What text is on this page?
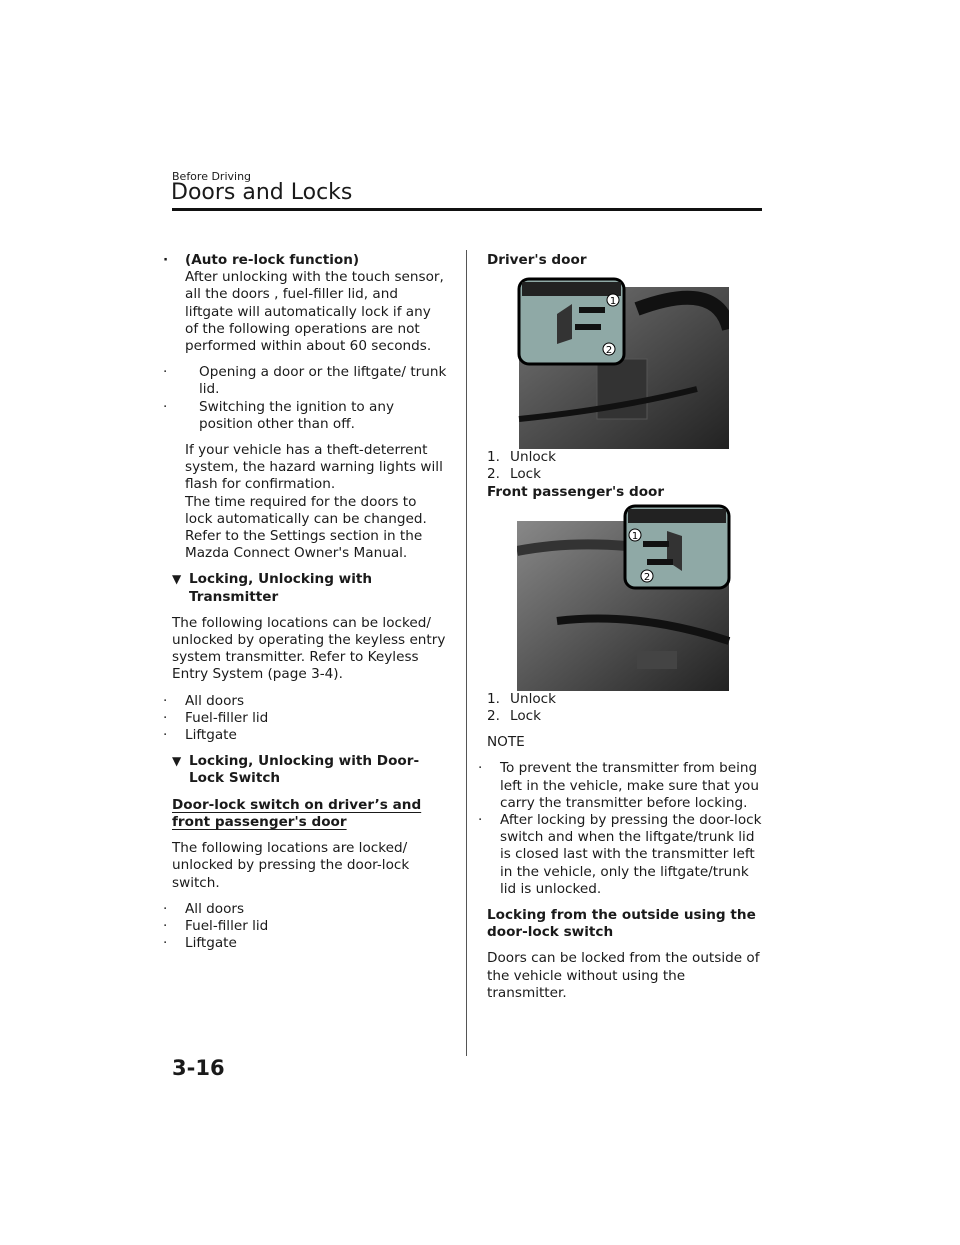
Before Driving
Doors and Locks
· (Auto re-lock function)
After unlocking with the touch sensor, all the doors , fuel-filler lid, and liftgate will automatically lock if any of the following operations are not performed within about 60 seconds.
· Opening a door or the liftgate/ trunk lid.
· Switching the ignition to any position other than off.
If your vehicle has a theft-deterrent system, the hazard warning lights will flash for confirmation.
The time required for the doors to lock automatically can be changed. Refer to the Settings section in the Mazda Connect Owner's Manual.
▼ Locking, Unlocking with Transmitter
The following locations can be locked/ unlocked by operating the keyless entry system transmitter. Refer to Keyless Entry System (page 3-4).
· All doors
· Fuel-filler lid
· Liftgate
▼ Locking, Unlocking with Door-Lock Switch
Door-lock switch on driver’s and front passenger's door
The following locations are locked/ unlocked by pressing the door-lock switch.
· All doors
· Fuel-filler lid
· Liftgate
Driver's door
1
2
1. Unlock
2. Lock
Front passenger's door
1
2
1. Unlock
2. Lock
NOTE
· To prevent the transmitter from being left in the vehicle, make sure that you carry the transmitter before locking.
· After locking by pressing the door-lock switch and when the liftgate/trunk lid is closed last with the transmitter left in the vehicle, only the liftgate/trunk lid is unlocked.
Locking from the outside using the door-lock switch
Doors can be locked from the outside of the vehicle without using the transmitter.
3-16
